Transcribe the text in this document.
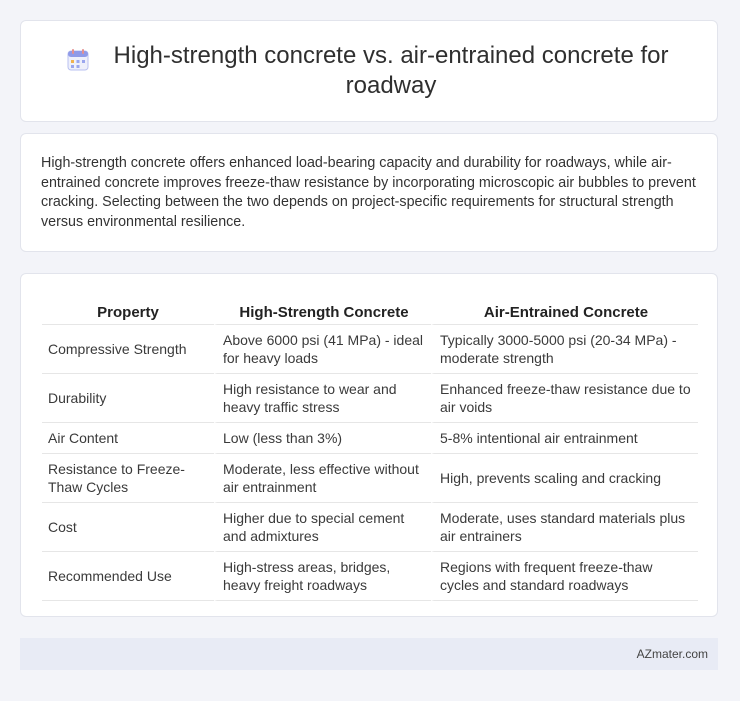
High-strength concrete vs. air-entrained concrete for roadway

High-strength concrete offers enhanced load-bearing capacity and durability for roadways, while air-entrained concrete improves freeze-thaw resistance by incorporating microscopic air bubbles to prevent cracking. Selecting between the two depends on project-specific requirements for structural strength versus environmental resilience.

Property	High-Strength Concrete	Air-Entrained Concrete
Compressive Strength	Above 6000 psi (41 MPa) - ideal for heavy loads	Typically 3000-5000 psi (20-34 MPa) - moderate strength
Durability	High resistance to wear and heavy traffic stress	Enhanced freeze-thaw resistance due to air voids
Air Content	Low (less than 3%)	5-8% intentional air entrainment
Resistance to Freeze-Thaw Cycles	Moderate, less effective without air entrainment	High, prevents scaling and cracking
Cost	Higher due to special cement and admixtures	Moderate, uses standard materials plus air entrainers
Recommended Use	High-stress areas, bridges, heavy freight roadways	Regions with frequent freeze-thaw cycles and standard roadways
AZmater.com
